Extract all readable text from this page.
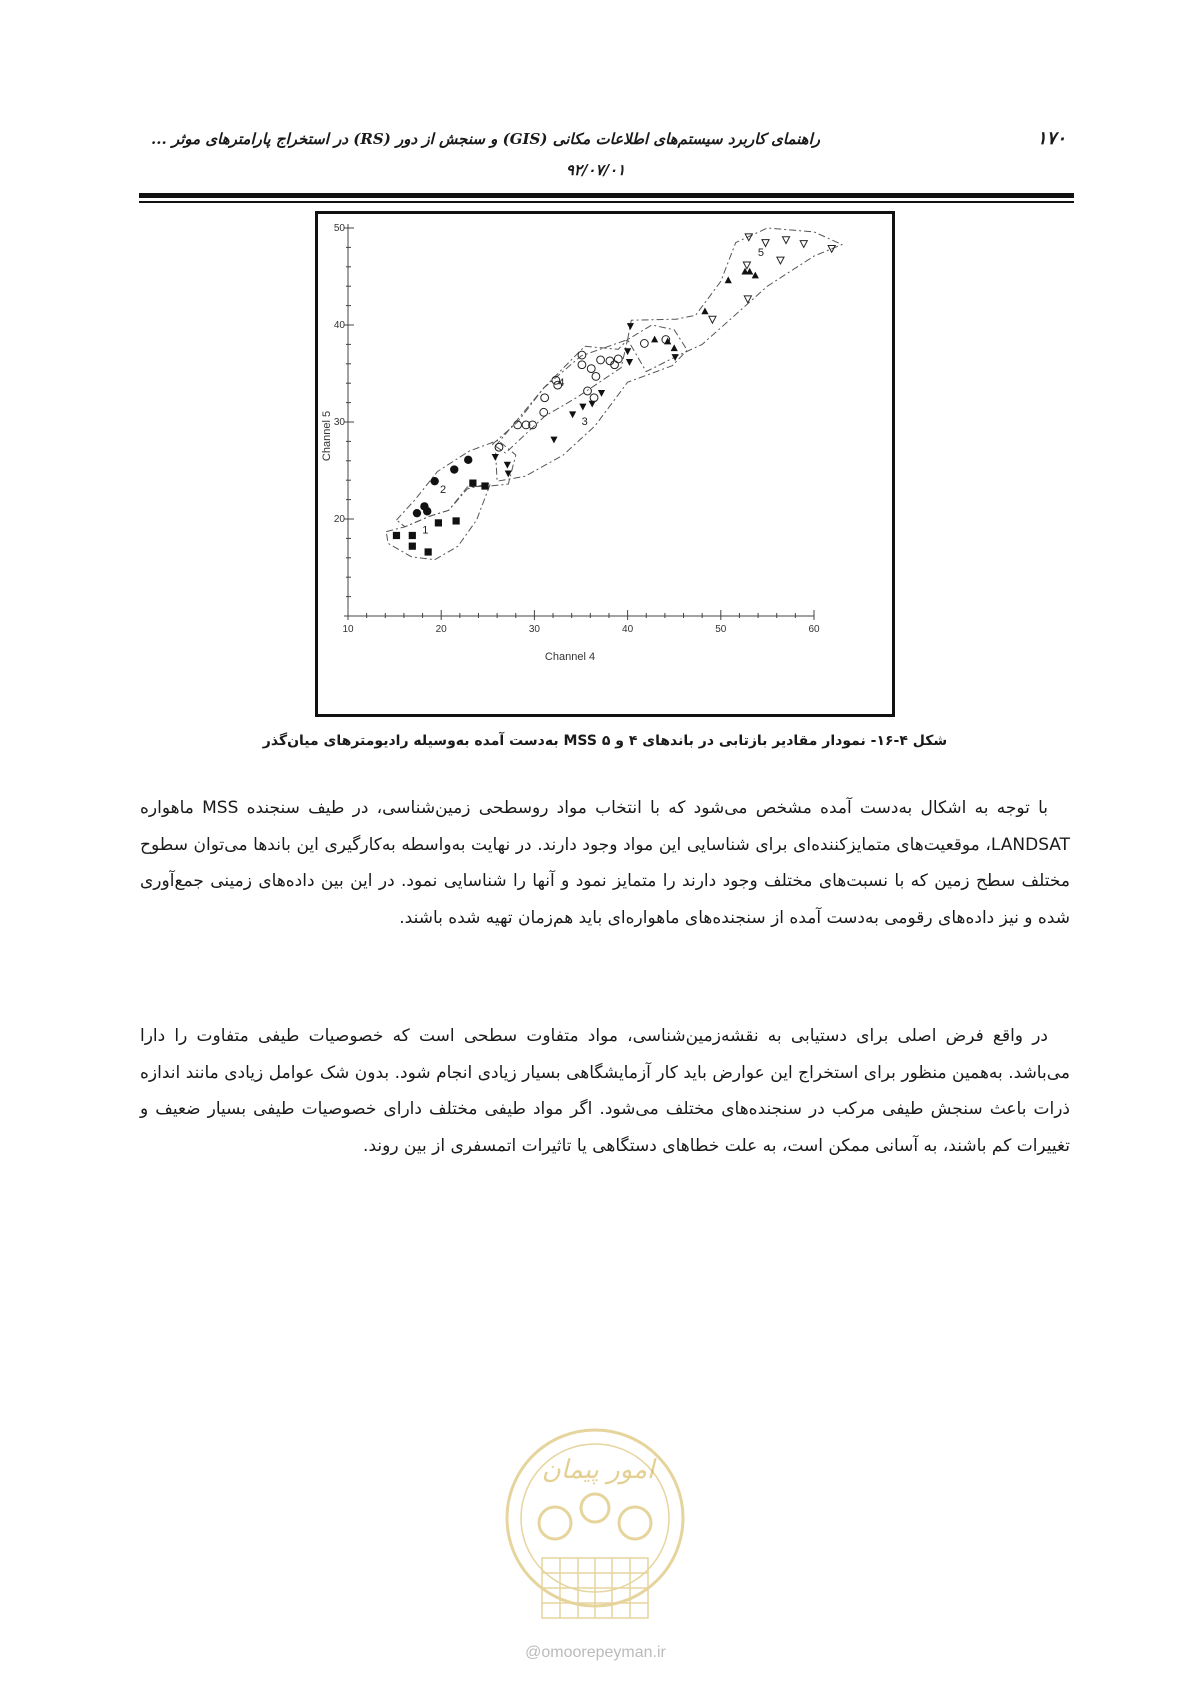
۱۷۰
راهنمای کاربرد سیستم‌های اطلاعات مکانی (GIS) و سنجش از دور (RS) در استخراج پارامترهای موثر ...
۹۲/۰۷/۰۱
10	20	30	40	50	60
20
30
40
50
Channel 4
Channel 5
1
2
3
4
5
شکل ۴-۱۶- نمودار مقادیر بازتابی در باندهای ۴ و ۵ MSS به‌دست آمده به‌وسیله رادیومترهای میان‌گذر

با توجه به اشکال به‌دست آمده مشخص می‌شود که با انتخاب مواد روسطحی زمین‌شناسی، در طیف سنجنده MSS ماهواره LANDSAT، موقعیت‌های متمایزکننده‌ای برای شناسایی این مواد وجود دارند. در نهایت به‌واسطه به‌کارگیری این باندها می‌توان سطوح مختلف سطح زمین که با نسبت‌های مختلف وجود دارند را متمایز نمود و آنها را شناسایی نمود. در این بین داده‌های زمینی جمع‌آوری شده و نیز داده‌های رقومی به‌دست آمده از سنجنده‌های ماهواره‌ای باید هم‌زمان تهیه شده باشند.

در واقع فرض اصلی برای دستیابی به نقشه‌زمین‌شناسی، مواد متفاوت سطحی است که خصوصیات طیفی متفاوت را دارا می‌باشد. به‌همین منظور برای استخراج این عوارض باید کار آزمایشگاهی بسیار زیادی انجام شود. بدون شک عوامل زیادی مانند اندازه ذرات باعث سنجش طیفی مرکب در سنجنده‌های مختلف می‌شود. اگر مواد طیفی مختلف دارای خصوصیات طیفی بسیار ضعیف و تغییرات کم باشند، به آسانی ممکن است، به علت خطاهای دستگاهی یا تاثیرات اتمسفری از بین روند.

امور پیمان
@omoorepeyman.ir
